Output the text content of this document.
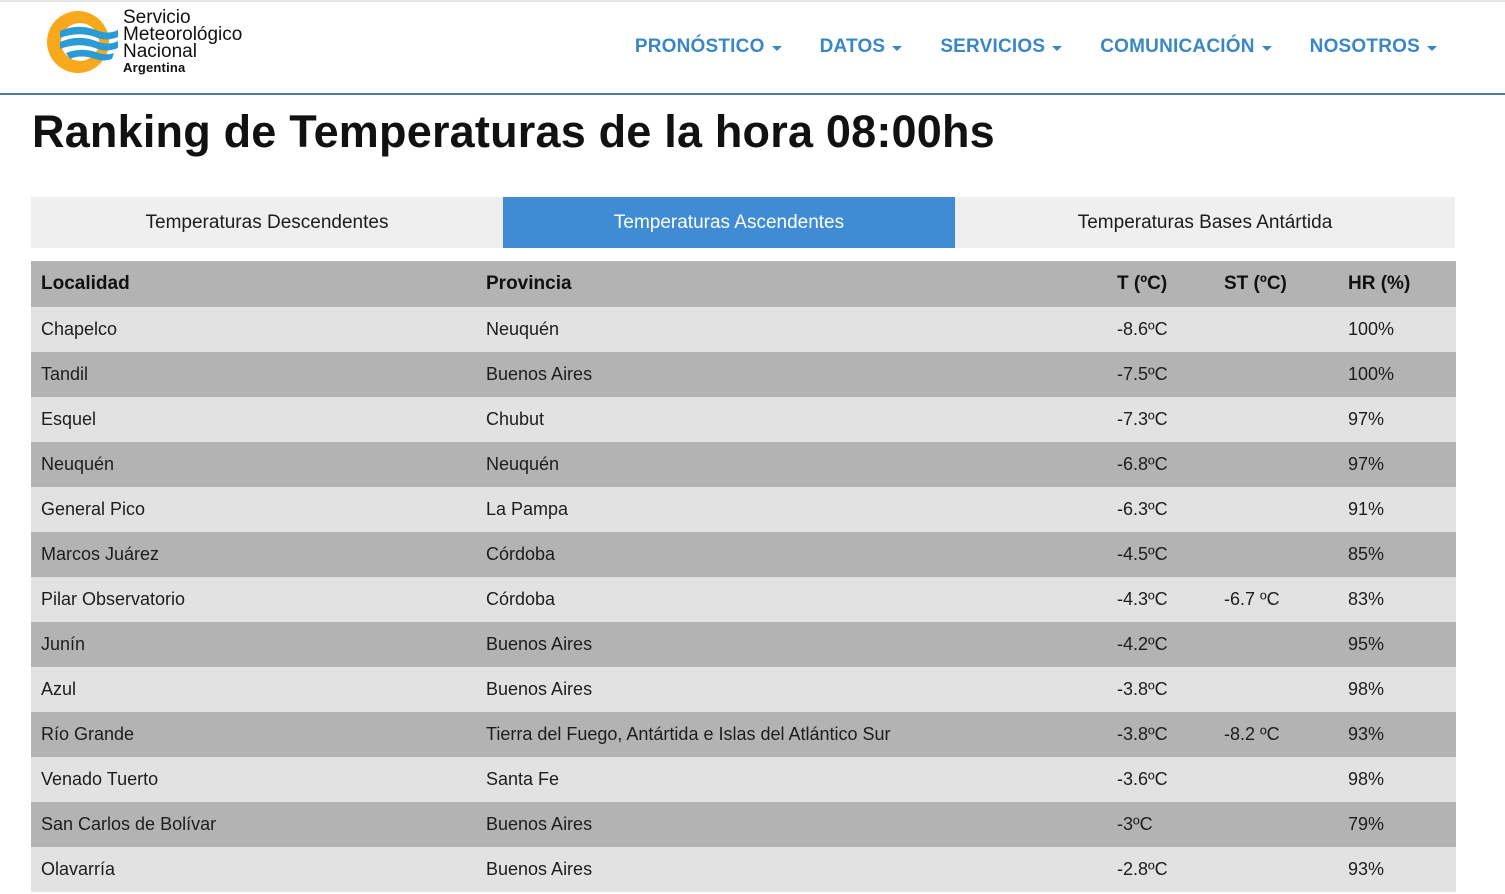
Servicio
Meteorológico
Nacional
Argentina
PRONÓSTICO	DATOS	SERVICIOS	COMUNICACIÓN	NOSOTROS
Ranking de Temperaturas de la hora 08:00hs
Temperaturas Descendentes	Temperaturas Ascendentes	Temperaturas Bases Antártida
Localidad	Provincia	T (ºC)	ST (ºC)	HR (%)
Chapelco	Neuquén	-8.6ºC		100%
Tandil	Buenos Aires	-7.5ºC		100%
Esquel	Chubut	-7.3ºC		97%
Neuquén	Neuquén	-6.8ºC		97%
General Pico	La Pampa	-6.3ºC		91%
Marcos Juárez	Córdoba	-4.5ºC		85%
Pilar Observatorio	Córdoba	-4.3ºC	-6.7 ºC	83%
Junín	Buenos Aires	-4.2ºC		95%
Azul	Buenos Aires	-3.8ºC		98%
Río Grande	Tierra del Fuego, Antártida e Islas del Atlántico Sur	-3.8ºC	-8.2 ºC	93%
Venado Tuerto	Santa Fe	-3.6ºC		98%
San Carlos de Bolívar	Buenos Aires	-3ºC		79%
Olavarría	Buenos Aires	-2.8ºC		93%
